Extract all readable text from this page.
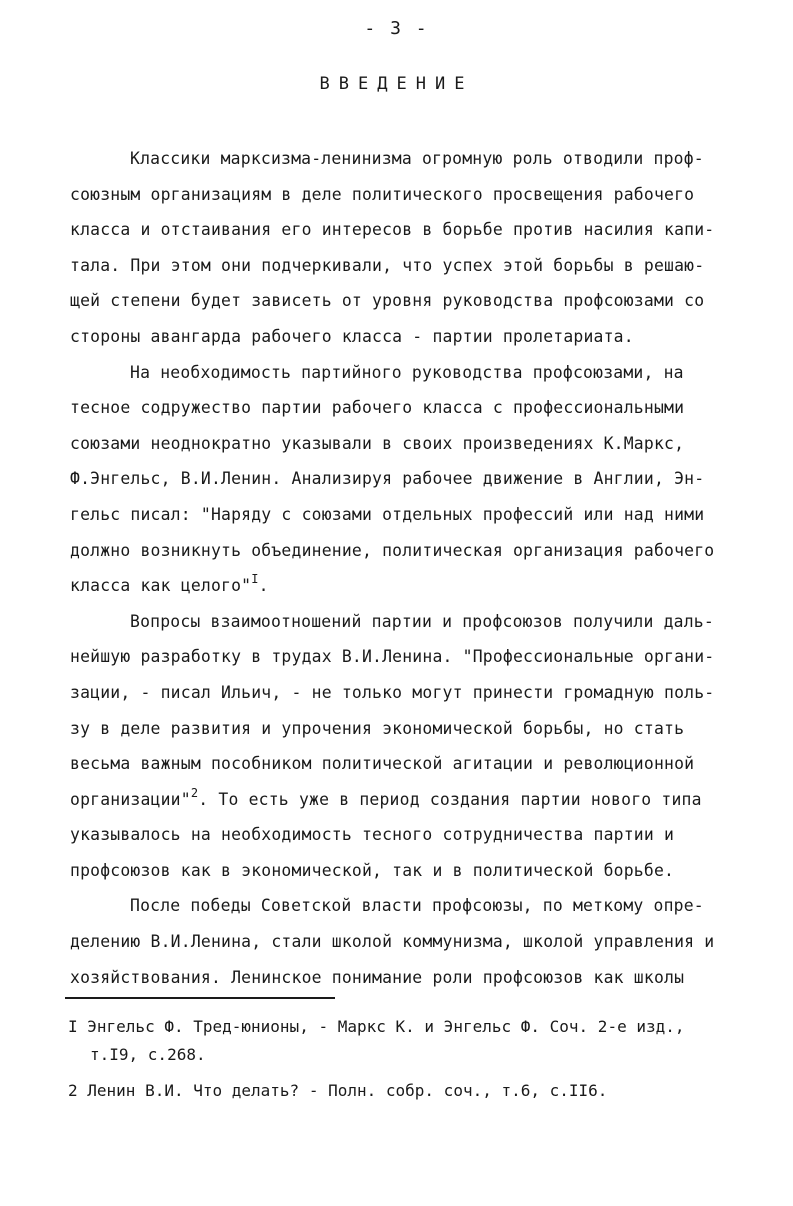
- 3 -
ВВЕДЕНИЕ
Классики марксизма-ленинизма огромную роль отводили проф-
союзным организациям в деле политического просвещения рабочего
класса и отстаивания его интересов в борьбе против насилия капи-
тала. При этом они подчеркивали, что успех этой борьбы в решаю-
щей степени будет зависеть от уровня руководства профсоюзами со
стороны авангарда рабочего класса - партии пролетариата.
На необходимость партийного руководства профсоюзами, на
тесное содружество партии рабочего класса с профессиональными
союзами неоднократно указывали в своих произведениях К.Маркс,
Ф.Энгельс, В.И.Ленин. Анализируя рабочее движение в Англии, Эн-
гельс писал: "Наряду с союзами отдельных профессий или над ними
должно возникнуть объединение, политическая организация рабочего
класса как целого"$^I$.
Вопросы взаимоотношений партии и профсоюзов получили даль-
нейшую разработку в трудах В.И.Ленина. "Профессиональные органи-
зации, - писал Ильич, - не только могут принести громадную поль-
зу в деле развития и упрочения экономической борьбы, но стать
весьма важным пособником политической агитации и революционной
организации"$^2$. То есть уже в период создания партии нового типа
указывалось на необходимость тесного сотрудничества партии и
профсоюзов как в экономической, так и в политической борьбе.
После победы Советской власти профсоюзы, по меткому опре-
делению В.И.Ленина, стали школой коммунизма, школой управления и
хозяйствования. Ленинское понимание роли профсоюзов как школы
I Энгельс Ф. Тред-юнионы, - Маркс К. и Энгельс Ф. Соч. 2-е изд.,
т.I9, с.268.
2 Ленин В.И. Что делать? - Полн. собр. соч., т.6, с.II6.
